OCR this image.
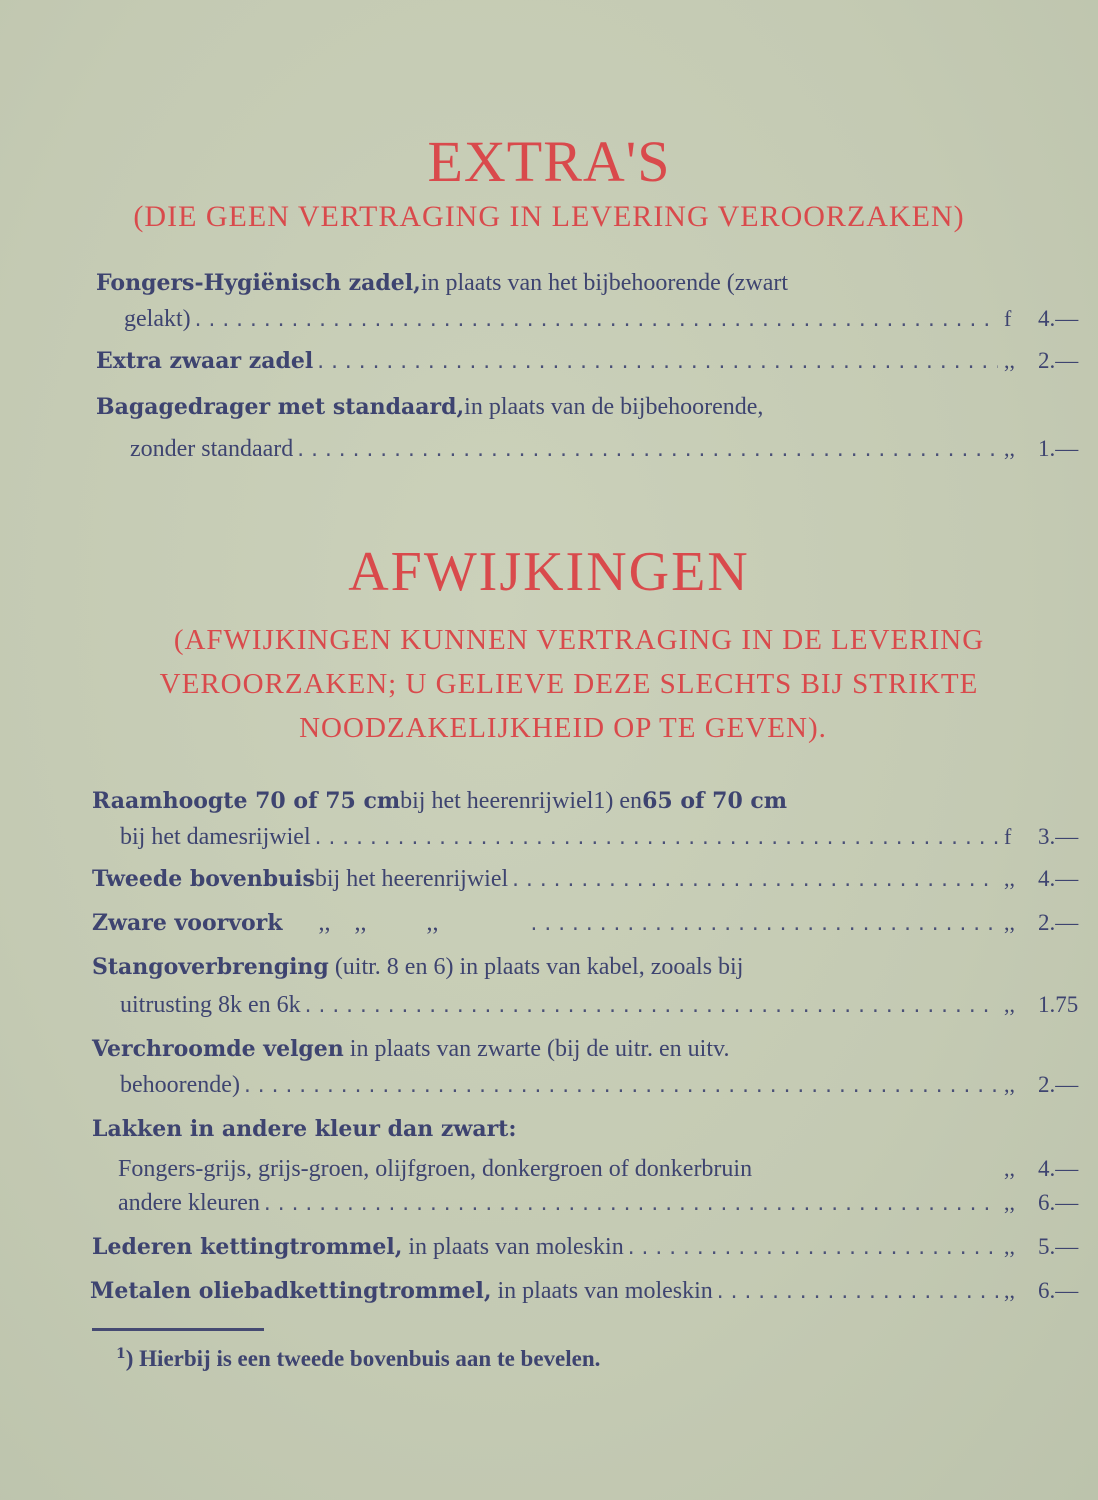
EXTRA'S
(DIE GEEN VERTRAGING IN LEVERING VEROORZAKEN)
Fongers-Hygiënisch zadel, in plaats van het bijbehoorende (zwart
gelakt) .....	f	4.—
Extra zwaar zadel .....	,,	2.—
Bagagedrager met standaard, in plaats van de bijbehoorende,
zonder standaard .....	,,	1.—
AFWIJKINGEN
(AFWIJKINGEN KUNNEN VERTRAGING IN DE LEVERING
VEROORZAKEN; U GELIEVE DEZE SLECHTS BIJ STRIKTE
NOODZAKELIJKHEID OP TE GEVEN).
Raamhoogte 70 of 75 cm bij het heerenrijwiel 1 ) en 65 of 70 cm
bij het damesrijwiel .....	f	3.—
Tweede bovenbuis bij het heerenrijwiel .....	,,	4.—
Zware voorvork ,,    ,,          ,, .....	,,	2.—
Stangoverbrenging (uitr. 8 en 6) in plaats van kabel, zooals bij
uitrusting 8 k en 6 k .....	,,	1.75
Verchroomde velgen in plaats van zwarte (bij de uitr. en uitv.
behoorende) .....	,,	2.—
Lakken in andere kleur dan zwart:
Fongers-grijs, grijs-groen, olijfgroen, donkergroen of donkerbruin	,,	4.—
andere kleuren .....	,,	6.—
Lederen kettingtrommel, in plaats van moleskin .....	,,	5.—
Metalen oliebadkettingtrommel, in plaats van moleskin .....	,,	6.—
$^1$) Hierbij is een tweede bovenbuis aan te bevelen.
